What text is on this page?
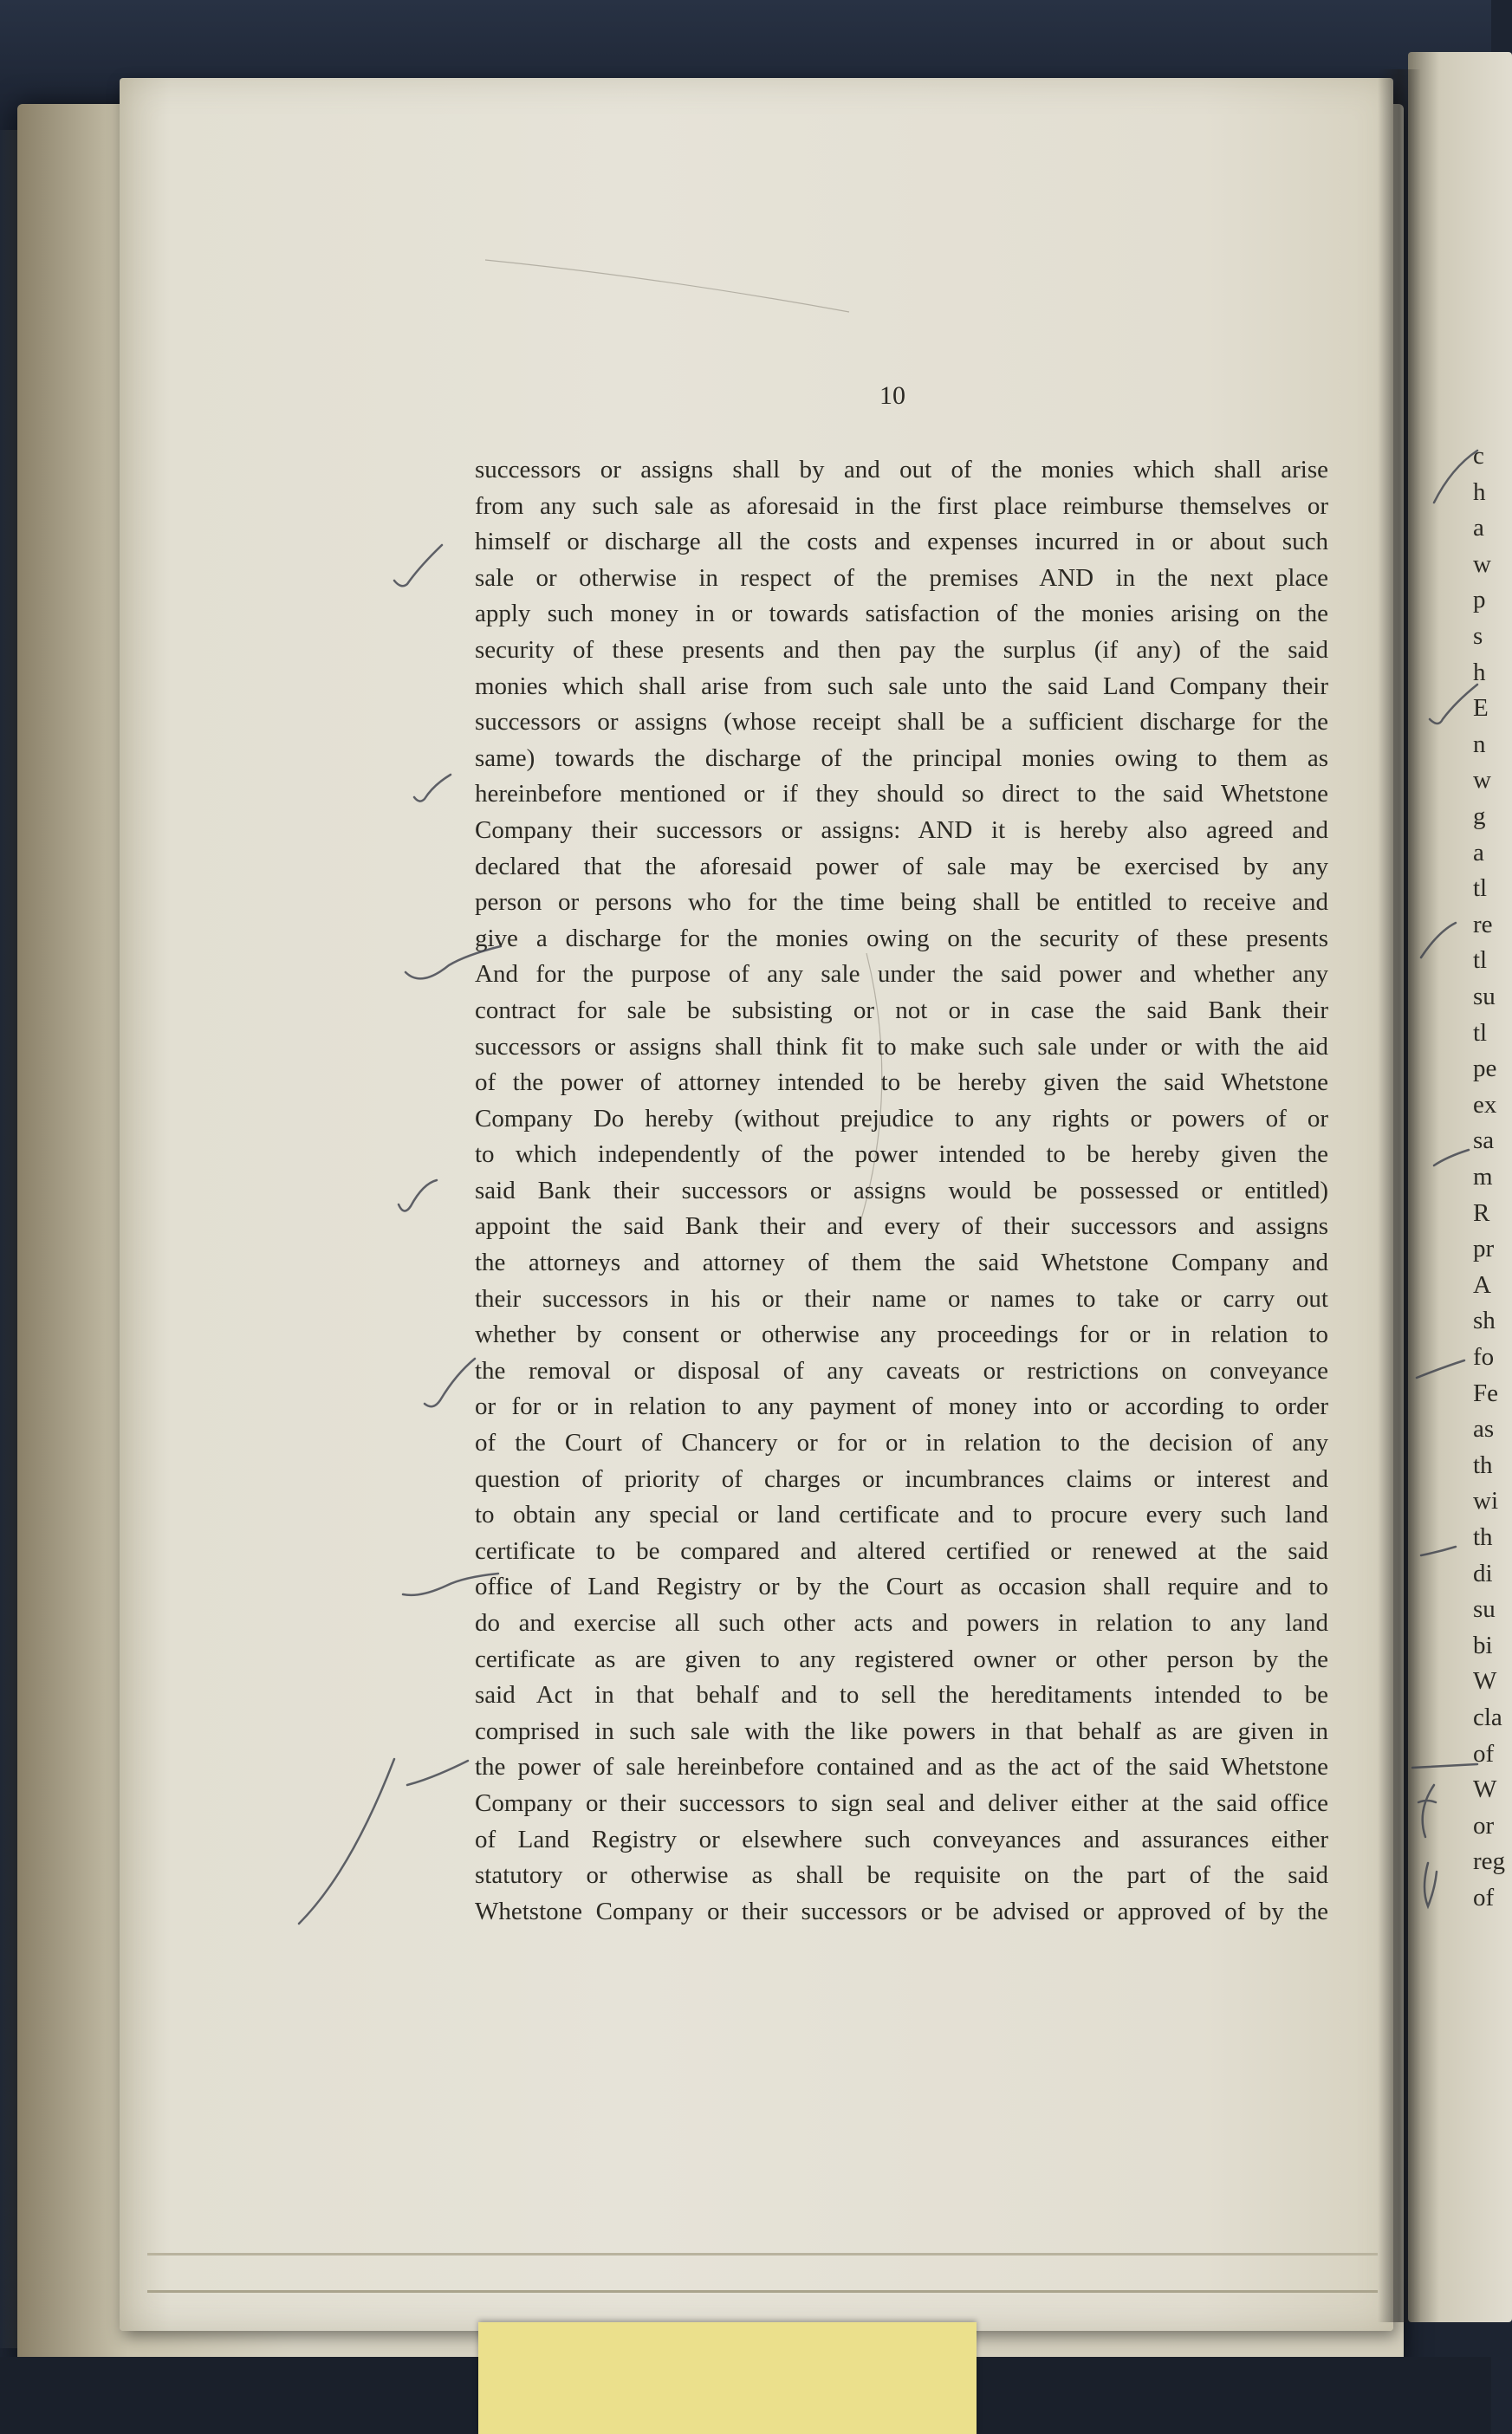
10
successors or assigns shall by and out of the monies which shall arise
from any such sale as aforesaid in the first place reimburse themselves or
himself or discharge all the costs and expenses incurred in or about such
sale or otherwise in respect of the premises AND in the next place
apply such money in or towards satisfaction of the monies arising on the
security of these presents and then pay the surplus (if any) of the said
monies which shall arise from such sale unto the said Land Company their
successors or assigns (whose receipt shall be a sufficient discharge for the
same) towards the discharge of the principal monies owing to them as
hereinbefore mentioned or if they should so direct to the said Whetstone
Company their successors or assigns: AND it is hereby also agreed and
declared that the aforesaid power of sale may be exercised by any
person or persons who for the time being shall be entitled to receive and
give a discharge for the monies owing on the security of these presents
And for the purpose of any sale under the said power and whether any
contract for sale be subsisting or not or in case the said Bank their
successors or assigns shall think fit to make such sale under or with the aid
of the power of attorney intended to be hereby given the said Whetstone
Company Do hereby (without prejudice to any rights or powers of or
to which independently of the power intended to be hereby given the
said Bank their successors or assigns would be possessed or entitled)
appoint the said Bank their and every of their successors and assigns
the attorneys and attorney of them the said Whetstone Company and
their successors in his or their name or names to take or carry out
whether by consent or otherwise any proceedings for or in relation to
the removal or disposal of any caveats or restrictions on conveyance
or for or in relation to any payment of money into or according to order
of the Court of Chancery or for or in relation to the decision of any
question of priority of charges or incumbrances claims or interest and
to obtain any special or land certificate and to procure every such land
certificate to be compared and altered certified or renewed at the said
office of Land Registry or by the Court as occasion shall require and to
do and exercise all such other acts and powers in relation to any land
certificate as are given to any registered owner or other person by the
said Act in that behalf and to sell the hereditaments intended to be
comprised in such sale with the like powers in that behalf as are given in
the power of sale hereinbefore contained and as the act of the said Whetstone
Company or their successors to sign seal and deliver either at the said office
of Land Registry or elsewhere such conveyances and assurances either
statutory or otherwise as shall be requisite on the part of the said
Whetstone Company or their successors or be advised or approved of by the
c
h
a
w
p
s
h
E
n
w
g
a
tl
re
tl
su
tl
pe
ex
sa
m
R
pr
A
sh
fo
Fe
as
th
wi
th
di
su
bi
W
cla
of
W
or
reg
of
